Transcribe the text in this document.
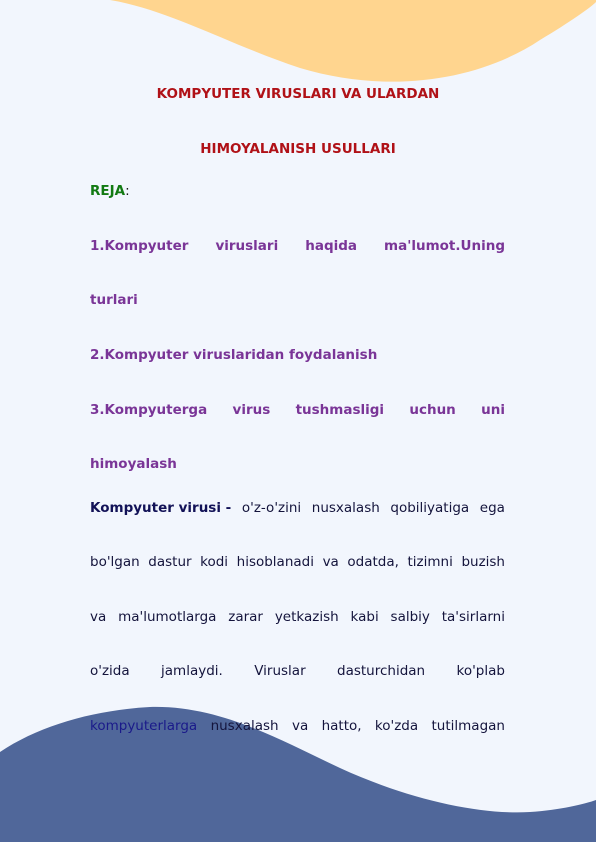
KOMPYUTER VIRUSLARI VA ULARDAN
HIMOYALANISH USULLARI
REJA:
1.Kompyuter viruslari haqida ma'lumot.Uning
turlari
2.Kompyuter viruslaridan foydalanish
3.Kompyuterga virus tushmasligi uchun uni
himoyalash
Kompyuter virusi - o'z-o'zini nusxalash qobiliyatiga ega
bo'lgan dastur kodi hisoblanadi va odatda, tizimni buzish
va ma'lumotlarga zarar yetkazish kabi salbiy ta'sirlarni
o'zida jamlaydi. Viruslar dasturchidan ko'plab
kompyuterlarga nusxalash va hatto, ko'zda tutilmagan
